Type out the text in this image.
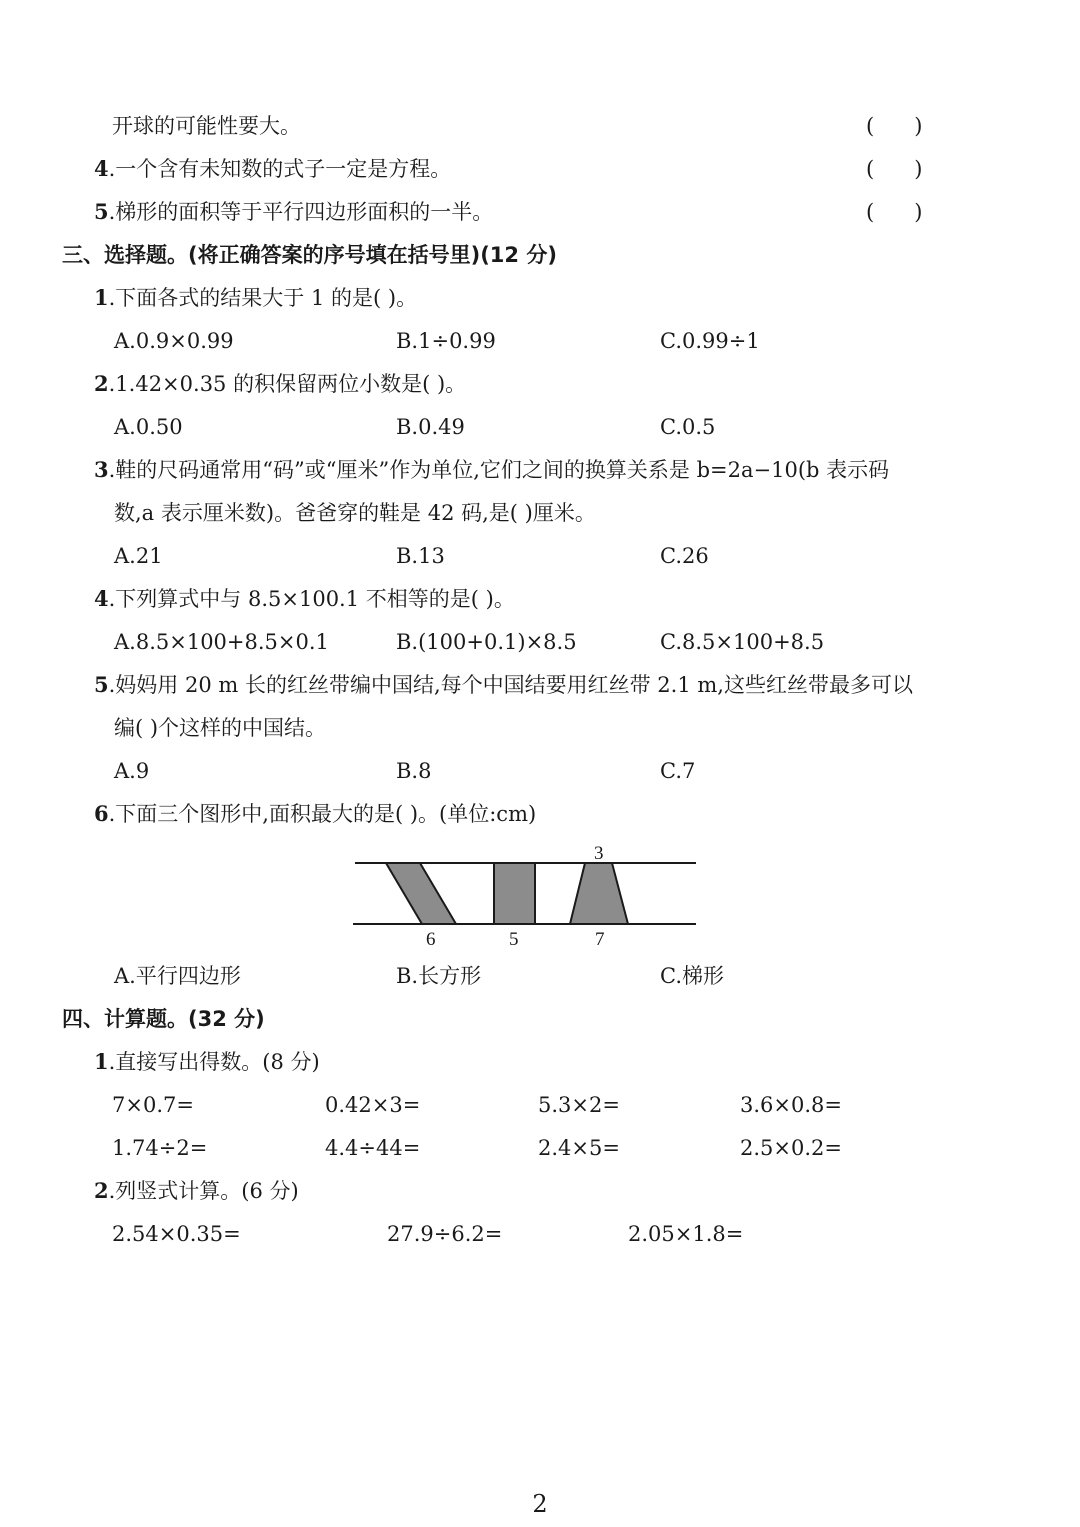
开球的可能性要大。	(      )
4.一个含有未知数的式子一定是方程。	(      )
5.梯形的面积等于平行四边形面积的一半。	(      )
三、选择题。(将正确答案的序号填在括号里)(12 分)
1.下面各式的结果大于 1 的是( )。
A.0.9×0.99	B.1÷0.99	C.0.99÷1
2.1.42×0.35 的积保留两位小数是( )。
A.0.50	B.0.49	C.0.5
3.鞋的尺码通常用“码”或“厘米”作为单位,它们之间的换算关系是 b=2a−10(b 表示码
数,a 表示厘米数)。爸爸穿的鞋是 42 码,是( )厘米。
A.21	B.13	C.26
4.下列算式中与 8.5×100.1 不相等的是( )。
A.8.5×100+8.5×0.1	B.(100+0.1)×8.5	C.8.5×100+8.5
5.妈妈用 20 m 长的红丝带编中国结,每个中国结要用红丝带 2.1 m,这些红丝带最多可以
编( )个这样的中国结。
A.9	B.8	C.7
6.下面三个图形中,面积最大的是( )。(单位:cm)
3
6	5	7
A.平行四边形	B.长方形	C.梯形
四、计算题。(32 分)
1.直接写出得数。(8 分)
7×0.7=	0.42×3=	5.3×2=	3.6×0.8=
1.74÷2=	4.4÷44=	2.4×5=	2.5×0.2=
2.列竖式计算。(6 分)
2.54×0.35=	27.9÷6.2=	2.05×1.8=
2
